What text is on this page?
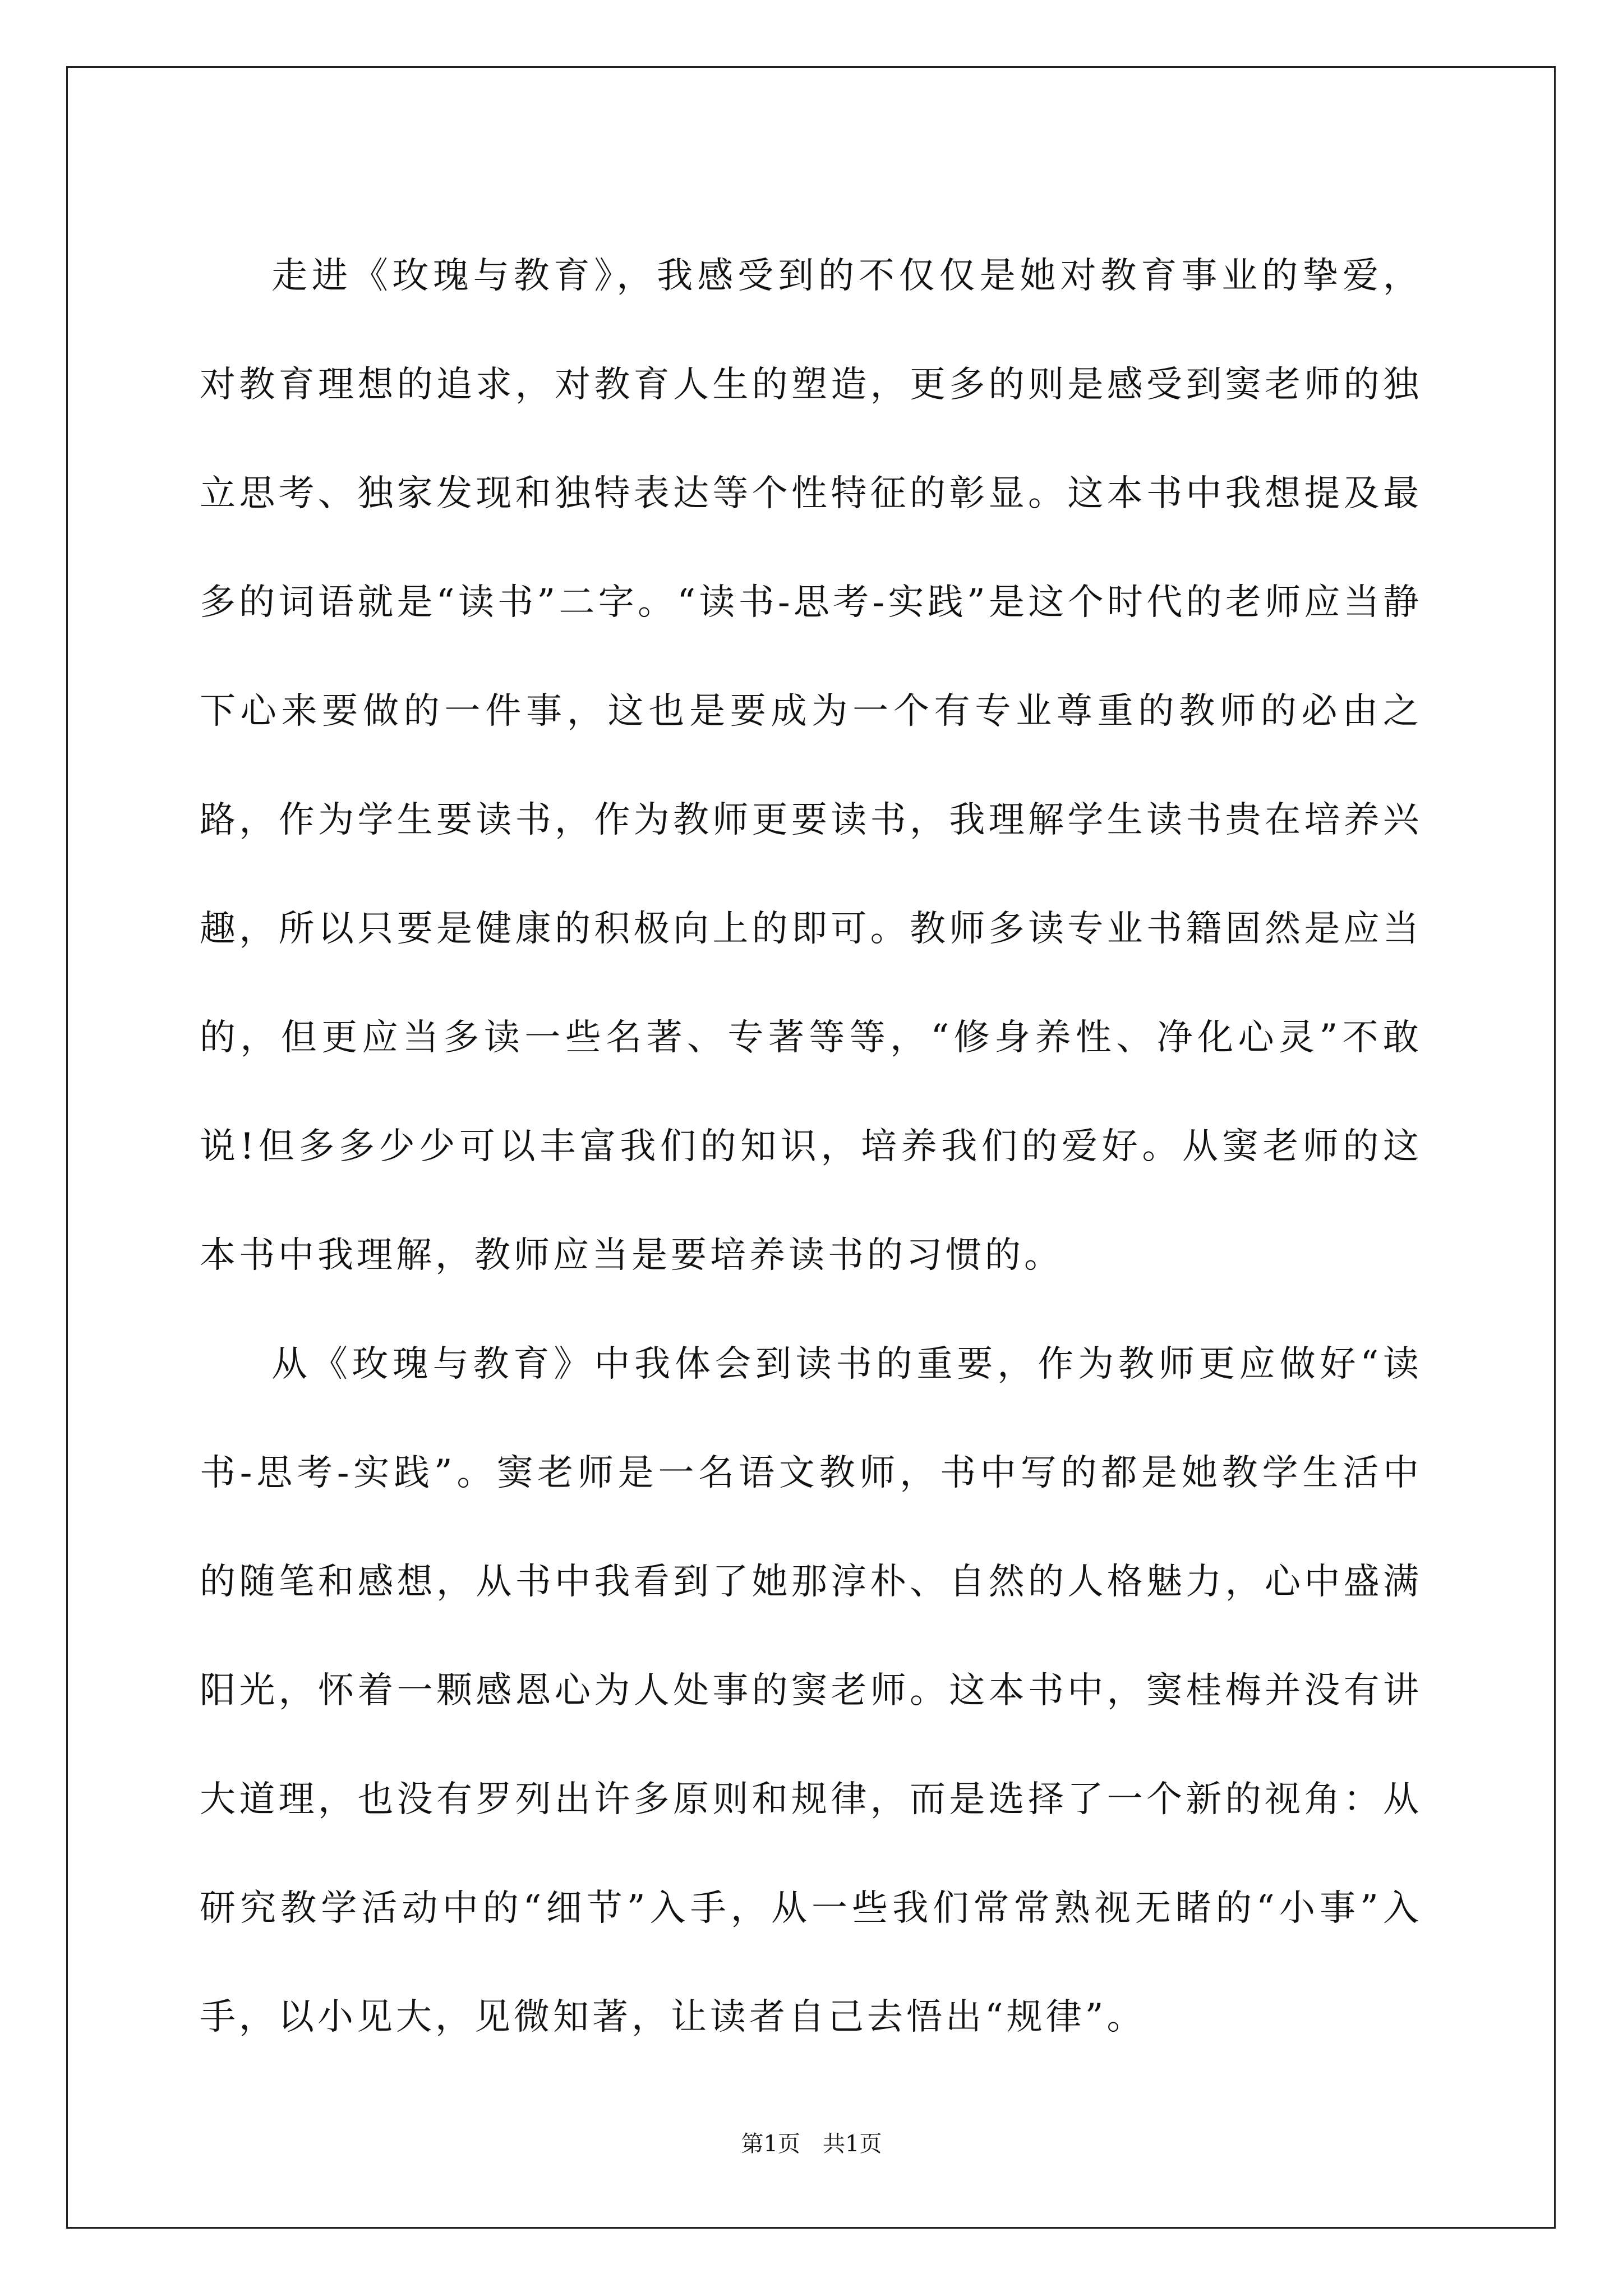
走进《玫瑰与教育》，我感受到的不仅仅是她对教育事业的挚爱，对教育理想的追求，对教育人生的塑造，更多的则是感受到窦老师的独立思考、独家发现和独特表达等个性特征的彰显。这本书中我想提及最多的词语就是“读书”二字。“读书-思考-实践”是这个时代的老师应当静下心来要做的一件事，这也是要成为一个有专业尊重的教师的必由之路，作为学生要读书，作为教师更要读书，我理解学生读书贵在培养兴趣，所以只要是健康的积极向上的即可。教师多读专业书籍固然是应当的，但更应当多读一些名著、专著等等，“修身养性、净化心灵”不敢说!但多多少少可以丰富我们的知识，培养我们的爱好。从窦老师的这本书中我理解，教师应当是要培养读书的习惯的。

从《玫瑰与教育》中我体会到读书的重要，作为教师更应做好“读书-思考-实践”。窦老师是一名语文教师，书中写的都是她教学生活中的随笔和感想，从书中我看到了她那淳朴、自然的人格魅力，心中盛满阳光，怀着一颗感恩心为人处事的窦老师。这本书中，窦桂梅并没有讲大道理，也没有罗列出许多原则和规律，而是选择了一个新的视角：从研究教学活动中的“细节”入手，从一些我们常常熟视无睹的“小事”入手，以小见大，见微知著，让读者自己去悟出“规律”。

第1页　共1页
